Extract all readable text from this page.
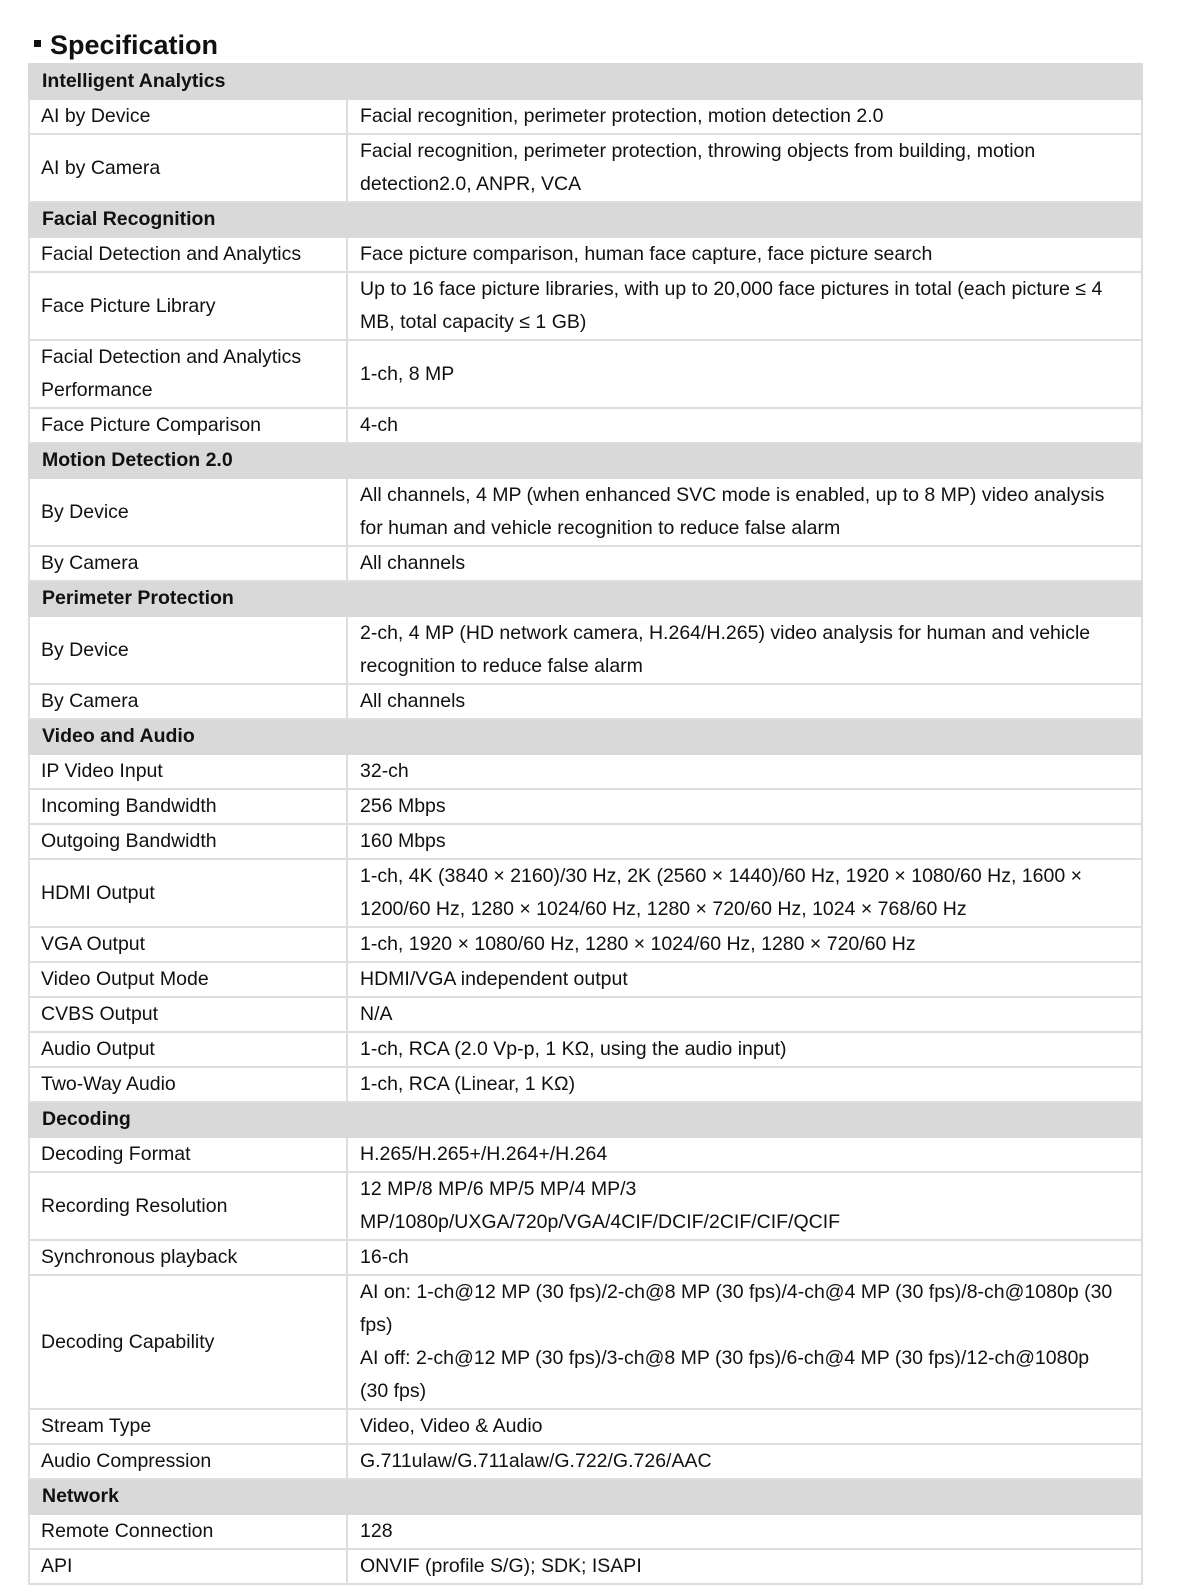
Specification
Intelligent Analytics	

AI by Device	Facial recognition, perimeter protection, motion detection 2.0

AI by Camera	Facial recognition, perimeter protection, throwing objects from building, motion
detection2.0, ANPR, VCA

Facial Recognition	

Facial Detection and Analytics	Face picture comparison, human face capture, face picture search

Face Picture Library	Up to 16 face picture libraries, with up to 20,000 face pictures in total (each picture ≤ 4
MB, total capacity ≤ 1 GB)

Facial Detection and Analytics
Performance	1-ch, 8 MP

Face Picture Comparison	4-ch

Motion Detection 2.0	

By Device	All channels, 4 MP (when enhanced SVC mode is enabled, up to 8 MP) video analysis
for human and vehicle recognition to reduce false alarm

By Camera	All channels

Perimeter Protection	

By Device	2-ch, 4 MP (HD network camera, H.264/H.265) video analysis for human and vehicle
recognition to reduce false alarm

By Camera	All channels

Video and Audio	

IP Video Input	32-ch

Incoming Bandwidth	256 Mbps

Outgoing Bandwidth	160 Mbps

HDMI Output	1-ch, 4K (3840 × 2160)/30 Hz, 2K (2560 × 1440)/60 Hz, 1920 × 1080/60 Hz, 1600 ×
1200/60 Hz, 1280 × 1024/60 Hz, 1280 × 720/60 Hz, 1024 × 768/60 Hz

VGA Output	1-ch, 1920 × 1080/60 Hz, 1280 × 1024/60 Hz, 1280 × 720/60 Hz

Video Output Mode	HDMI/VGA independent output

CVBS Output	N/A

Audio Output	1-ch, RCA (2.0 Vp-p, 1 KΩ, using the audio input)

Two-Way Audio	1-ch, RCA (Linear, 1 KΩ)

Decoding	

Decoding Format	H.265/H.265+/H.264+/H.264

Recording Resolution	12 MP/8 MP/6 MP/5 MP/4 MP/3
MP/1080p/UXGA/720p/VGA/4CIF/DCIF/2CIF/CIF/QCIF

Synchronous playback	16-ch

Decoding Capability	AI on: 1-ch@12 MP (30 fps)/2-ch@8 MP (30 fps)/4-ch@4 MP (30 fps)/8-ch@1080p (30
fps)
AI off: 2-ch@12 MP (30 fps)/3-ch@8 MP (30 fps)/6-ch@4 MP (30 fps)/12-ch@1080p
(30 fps)

Stream Type	Video, Video & Audio

Audio Compression	G.711ulaw/G.711alaw/G.722/G.726/AAC

Network	

Remote Connection	128

API	ONVIF (profile S/G); SDK; ISAPI
